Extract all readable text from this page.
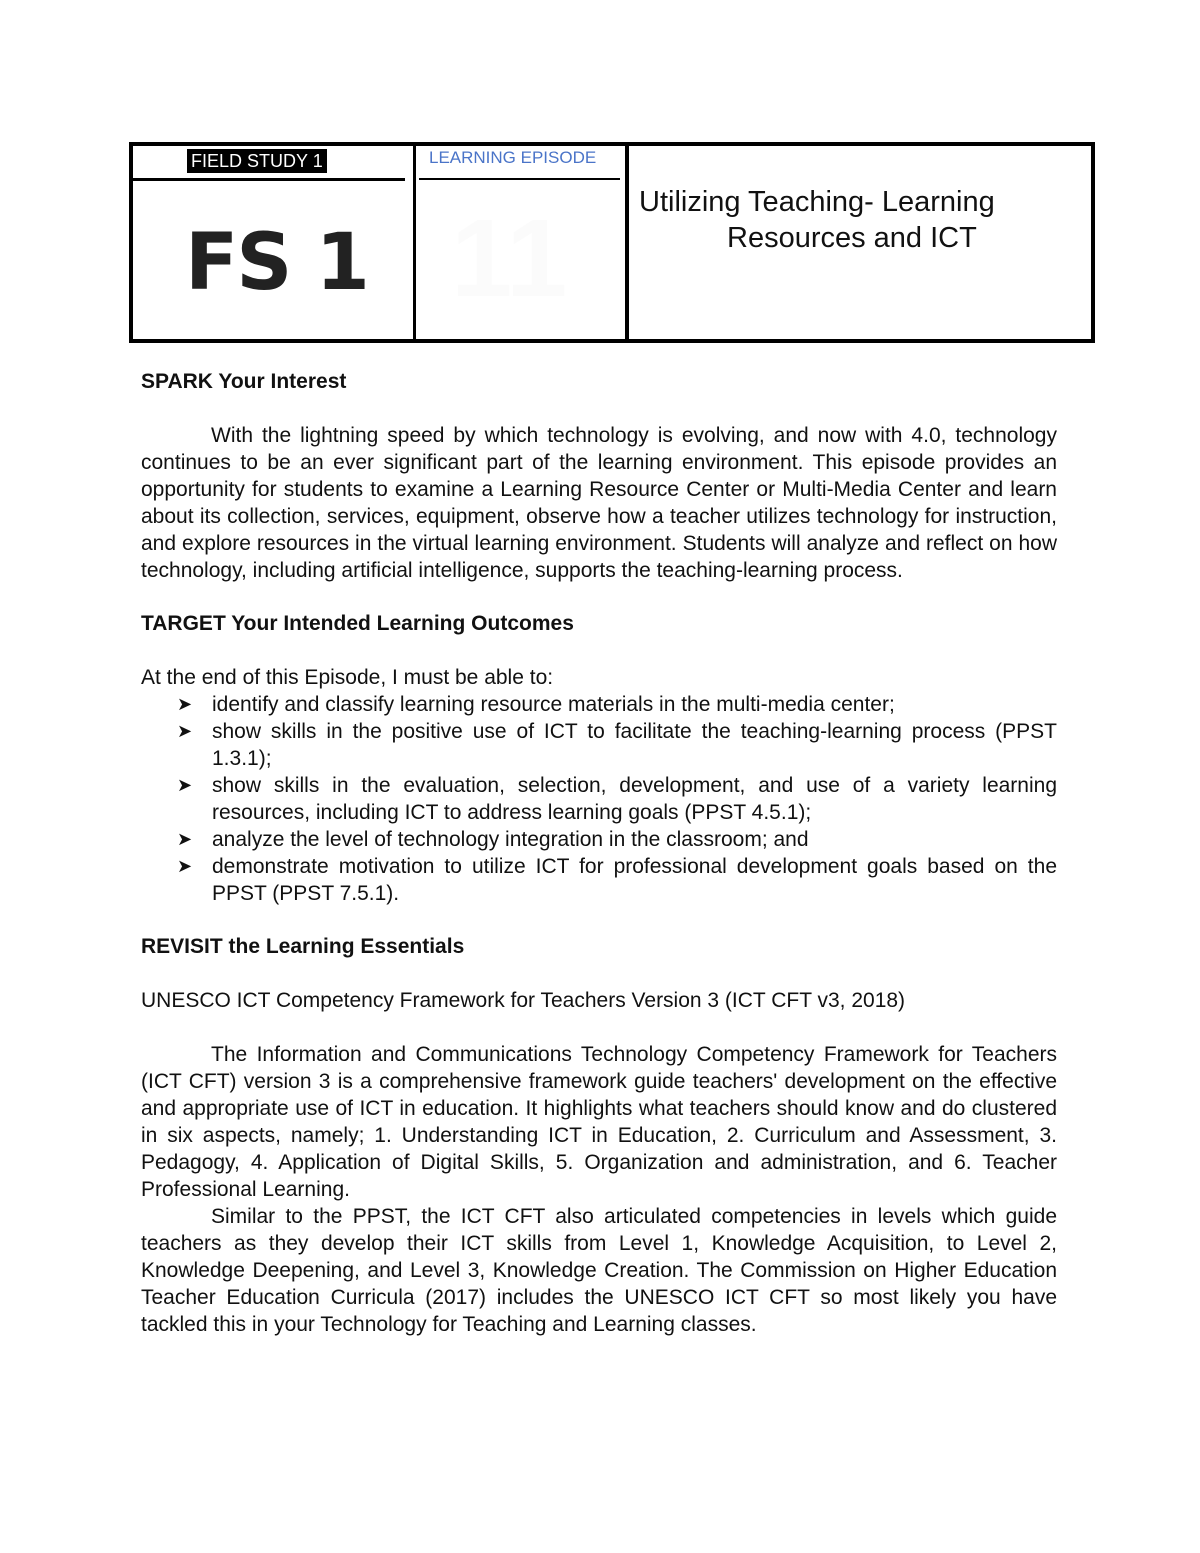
FIELD STUDY 1
FS 1
LEARNING EPISODE
11 Utilizing Teaching- Learning
Resources and ICT
SPARK Your Interest

With the lightning speed by which technology is evolving, and now with 4.0, technology continues to be an ever significant part of the learning environment. This episode provides an opportunity for students to examine a Learning Resource Center or Multi-Media Center and learn about its collection, services, equipment, observe how a teacher utilizes technology for instruction, and explore resources in the virtual learning environment. Students will analyze and reflect on how technology, including artificial intelligence, supports the teaching-learning process.

TARGET Your Intended Learning Outcomes

At the end of this Episode, I must be able to:

➤ identify and classify learning resource materials in the multi-media center;
➤ show skills in the positive use of ICT to facilitate the teaching-learning process (PPST 1.3.1);
➤ show skills in the evaluation, selection, development, and use of a variety learning resources, including ICT to address learning goals (PPST 4.5.1);
➤ analyze the level of technology integration in the classroom; and
➤ demonstrate motivation to utilize ICT for professional development goals based on the PPST (PPST 7.5.1).
REVISIT the Learning Essentials

UNESCO ICT Competency Framework for Teachers Version 3 (ICT CFT v3, 2018)

The Information and Communications Technology Competency Framework for Teachers (ICT CFT) version 3 is a comprehensive framework guide teachers' development on the effective and appropriate use of ICT in education. It highlights what teachers should know and do clustered in six aspects, namely; 1. Understanding ICT in Education, 2. Curriculum and Assessment, 3. Pedagogy, 4. Application of Digital Skills, 5. Organization and administration, and 6. Teacher Professional Learning.

Similar to the PPST, the ICT CFT also articulated competencies in levels which guide teachers as they develop their ICT skills from Level 1, Knowledge Acquisition, to Level 2, Knowledge Deepening, and Level 3, Knowledge Creation. The Commission on Higher Education Teacher Education Curricula (2017) includes the UNESCO ICT CFT so most likely you have tackled this in your Technology for Teaching and Learning classes.
